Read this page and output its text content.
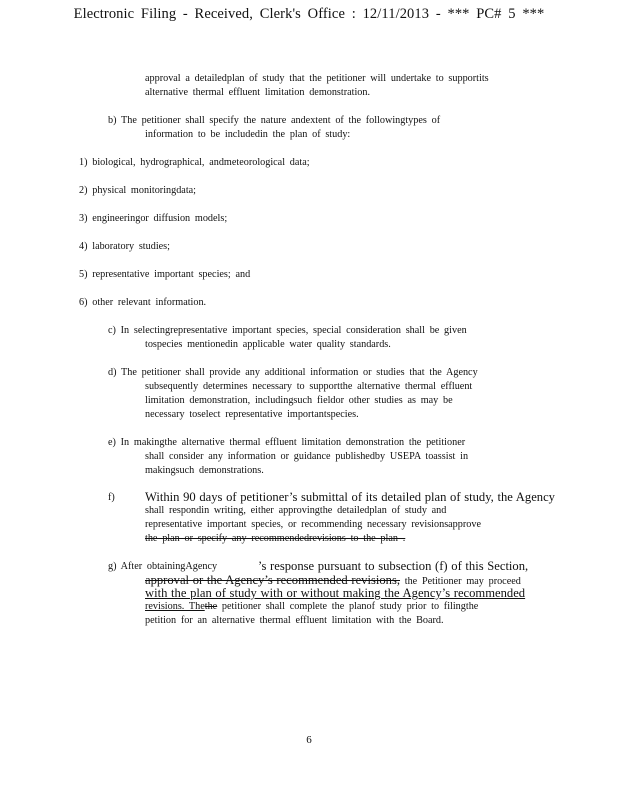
Electronic Filing - Received, Clerk's Office : 12/11/2013 - *** PC# 5 ***
approval a detailedplan of study that the petitioner will undertake to supportits
alternative thermal effluent limitation demonstration.
b) The petitioner shall specify the nature andextent of the followingtypes of
information to be includedin the plan of study:
1) biological, hydrographical, andmeteorological data;
2) physical monitoringdata;
3) engineeringor diffusion models;
4) laboratory studies;
5) representative important species; and
6) other relevant information.
c) In selectingrepresentative important species, special consideration shall be given
tospecies mentionedin applicable water quality standards.
d) The petitioner shall provide any additional information or studies that the Agency
subsequently determines necessary to supportthe alternative thermal effluent
limitation demonstration, includingsuch fieldor other studies as may be
necessary toselect representative importantspecies.
e) In makingthe alternative thermal effluent limitation demonstration the petitioner
shall consider any information or guidance publishedby USEPA toassist in
makingsuch demonstrations.
f) Within 90 days of petitioner’s submittal of its detailed plan of study, the Agency
shall respondin writing, either approvingthe detailedplan of study and
representative important species, or recommending necessary revisionsapprove
the plan or specify any recommendedrevisions to the plan .
g) After obtainingAgency	’s response pursuant to subsection (f) of this Section,
approval or the Agency’s recommended revisions, the Petitioner may proceed
with the plan of study with or without making the Agency’s recommended
revisions. Thethe petitioner shall complete the planof study prior to filingthe
petition for an alternative thermal effluent limitation with the Board.
6
